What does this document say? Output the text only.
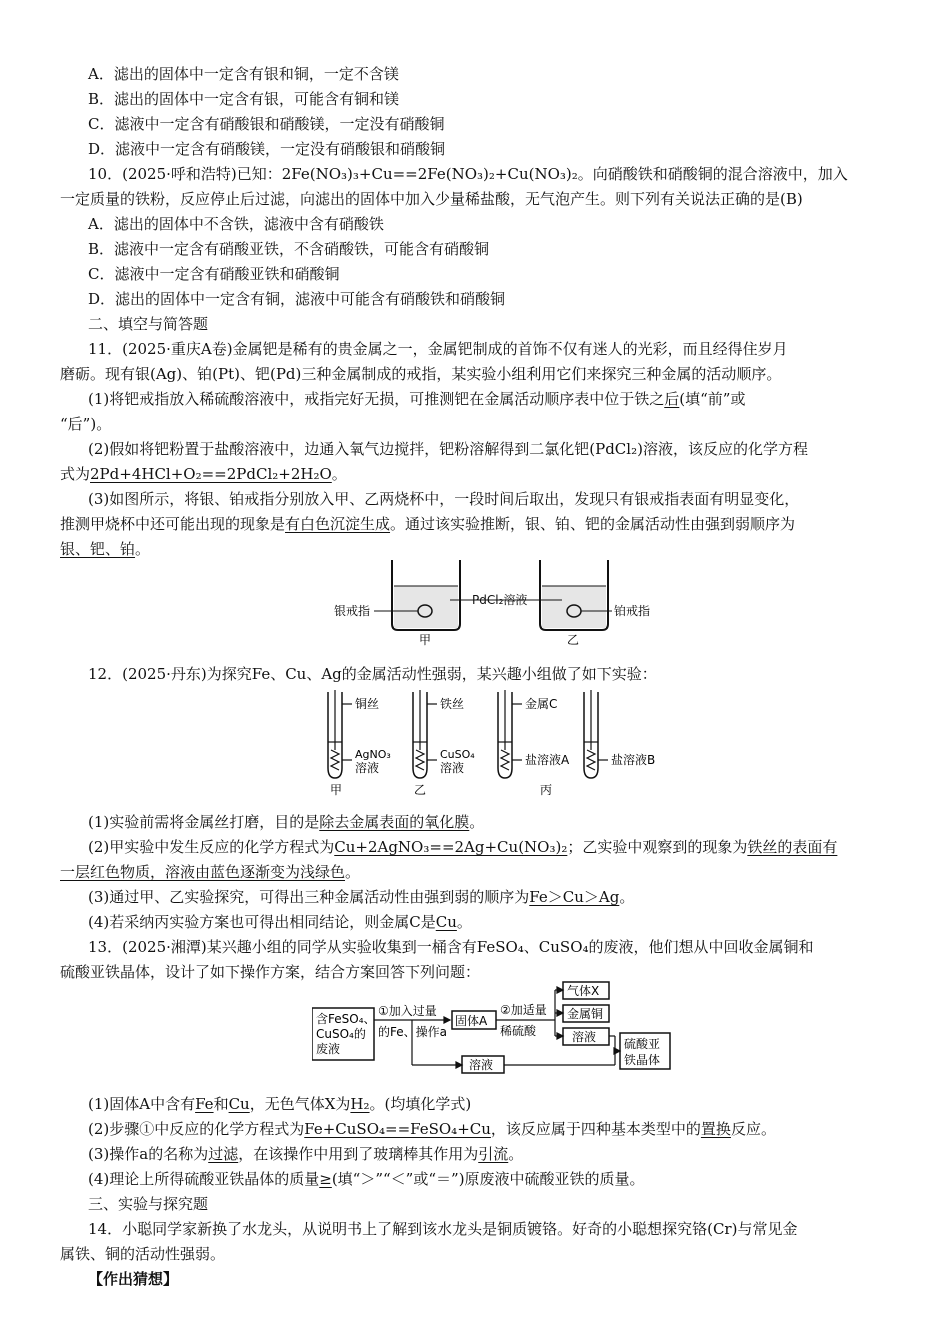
A．滤出的固体中一定含有银和铜，一定不含镁
B．滤出的固体中一定含有银，可能含有铜和镁
C．滤液中一定含有硝酸银和硝酸镁，一定没有硝酸铜
D．滤液中一定含有硝酸镁，一定没有硝酸银和硝酸铜
10．(2025·呼和浩特)已知：2Fe(NO₃)₃+Cu==2Fe(NO₃)₂+Cu(NO₃)₂。向硝酸铁和硝酸铜的混合溶液中，加入
一定质量的铁粉，反应停止后过滤，向滤出的固体中加入少量稀盐酸，无气泡产生。则下列有关说法正确的是(B)
A．滤出的固体中不含铁，滤液中含有硝酸铁
B．滤液中一定含有硝酸亚铁，不含硝酸铁，可能含有硝酸铜
C．滤液中一定含有硝酸亚铁和硝酸铜
D．滤出的固体中一定含有铜，滤液中可能含有硝酸铁和硝酸铜
二、填空与简答题
11．(2025·重庆A卷)金属钯是稀有的贵金属之一，金属钯制成的首饰不仅有迷人的光彩，而且经得住岁月
磨砺。现有银(Ag)、铂(Pt)、钯(Pd)三种金属制成的戒指，某实验小组利用它们来探究三种金属的活动顺序。
(1)将钯戒指放入稀硫酸溶液中，戒指完好无损，可推测钯在金属活动顺序表中位于铁之后(填“前”或
“后”)。
(2)假如将钯粉置于盐酸溶液中，边通入氧气边搅拌，钯粉溶解得到二氯化钯(PdCl₂)溶液，该反应的化学方程
式为2Pd+4HCl+O₂==2PdCl₂+2H₂O。
(3)如图所示，将银、铂戒指分别放入甲、乙两烧杯中，一段时间后取出，发现只有银戒指表面有明显变化，
推测甲烧杯中还可能出现的现象是有白色沉淀生成。通过该实验推断，银、铂、钯的金属活动性由强到弱顺序为
银、钯、铂。
银戒指
PdCl₂溶液
铂戒指
甲	乙
12．(2025·丹东)为探究Fe、Cu、Ag的金属活动性强弱，某兴趣小组做了如下实验：
铜丝
AgNO₃
溶液
铁丝
CuSO₄
溶液
金属C
盐溶液A	盐溶液B
甲	乙	丙
(1)实验前需将金属丝打磨，目的是除去金属表面的氧化膜。
(2)甲实验中发生反应的化学方程式为Cu+2AgNO₃==2Ag+Cu(NO₃)₂；乙实验中观察到的现象为铁丝的表面有
一层红色物质，溶液由蓝色逐渐变为浅绿色。
(3)通过甲、乙实验探究，可得出三种金属活动性由强到弱的顺序为Fe＞Cu＞Ag。
(4)若采纳丙实验方案也可得出相同结论，则金属C是Cu。
13．(2025·湘潭)某兴趣小组的同学从实验收集到一桶含有FeSO₄、CuSO₄的废液，他们想从中回收金属铜和
硫酸亚铁晶体，设计了如下操作方案，结合方案回答下列问题：
含FeSO₄、
CuSO₄的
废液
①加入过量
的Fe、操作a
固体A
②加适量
稀硫酸
气体X
金属铜
溶液
溶液
硫酸亚
铁晶体
(1)固体A中含有Fe和Cu，无色气体X为H₂。(均填化学式)
(2)步骤①中反应的化学方程式为Fe+CuSO₄==FeSO₄+Cu，该反应属于四种基本类型中的置换反应。
(3)操作a的名称为过滤，在该操作中用到了玻璃棒其作用为引流。
(4)理论上所得硫酸亚铁晶体的质量≥(填“＞”“＜”或“＝”)原废液中硫酸亚铁的质量。
三、实验与探究题
14．小聪同学家新换了水龙头，从说明书上了解到该水龙头是铜质镀铬。好奇的小聪想探究铬(Cr)与常见金
属铁、铜的活动性强弱。
【作出猜想】
